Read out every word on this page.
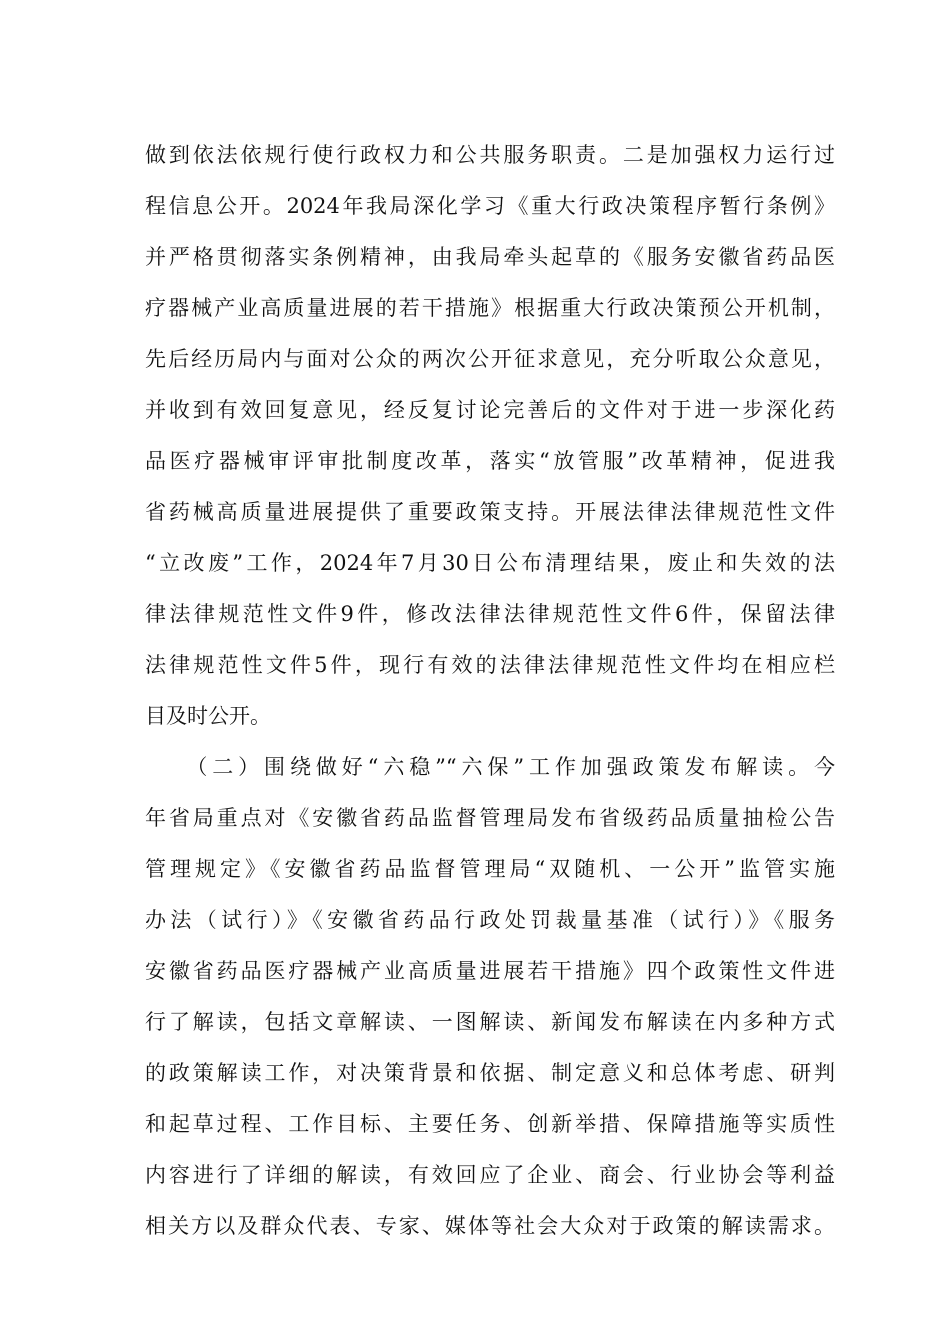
做到依法依规行使行政权力和公共服务职责。二是加强权力运行过
程信息公开。2024年我局深化学习《重大行政决策程序暂行条例》
并严格贯彻落实条例精神，由我局牵头起草的《服务安徽省药品医
疗器械产业高质量进展的若干措施》根据重大行政决策预公开机制，
先后经历局内与面对公众的两次公开征求意见，充分听取公众意见，
并收到有效回复意见，经反复讨论完善后的文件对于进一步深化药
品医疗器械审评审批制度改革，落实“放管服”改革精神，促进我
省药械高质量进展提供了重要政策支持。开展法律法律规范性文件
“立改废”工作，2024年7月30日公布清理结果，废止和失效的法
律法律规范性文件9件，修改法律法律规范性文件6件，保留法律
法律规范性文件5件，现行有效的法律法律规范性文件均在相应栏
目及时公开。
　　（二）围绕做好“六稳”“六保”工作加强政策发布解读。今
年省局重点对《安徽省药品监督管理局发布省级药品质量抽检公告
管理规定》《安徽省药品监督管理局“双随机、一公开”监管实施
办法（试行）》《安徽省药品行政处罚裁量基准（试行）》《服务
安徽省药品医疗器械产业高质量进展若干措施》四个政策性文件进
行了解读，包括文章解读、一图解读、新闻发布解读在内多种方式
的政策解读工作，对决策背景和依据、制定意义和总体考虑、研判
和起草过程、工作目标、主要任务、创新举措、保障措施等实质性
内容进行了详细的解读，有效回应了企业、商会、行业协会等利益
相关方以及群众代表、专家、媒体等社会大众对于政策的解读需求。
